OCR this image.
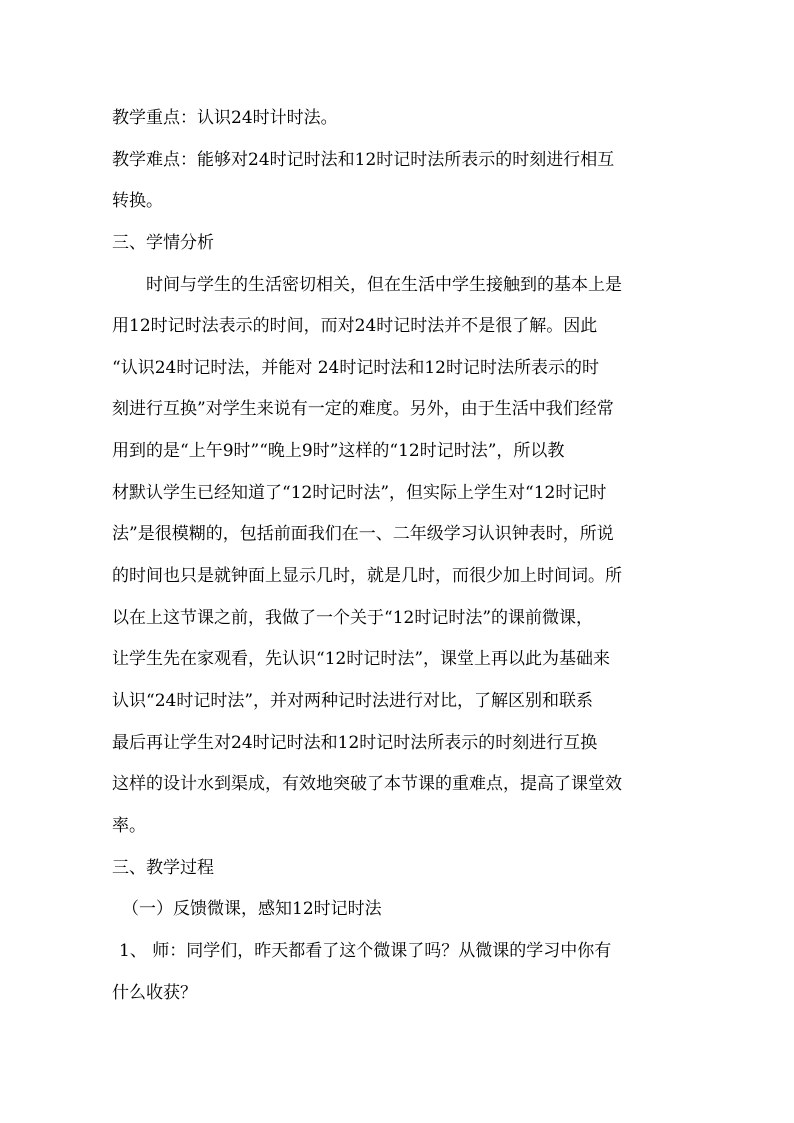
教学重点：认识24时计时法。
教学难点：能够对24时记时法和12时记时法所表示的时刻进行相互
转换。
三、学情分析
时间与学生的生活密切相关，但在生活中学生接触到的基本上是
用12时记时法表示的时间，而对24时记时法并不是很了解。因此
“认识24时记时法，并能对 24时记时法和12时记时法所表示的时
刻进行互换”对学生来说有一定的难度。另外，由于生活中我们经常
用到的是“上午9时”“晚上9时”这样的“12时记时法”，所以教
材默认学生已经知道了“12时记时法”，但实际上学生对“12时记时
法”是很模糊的，包括前面我们在一、二年级学习认识钟表时，所说
的时间也只是就钟面上显示几时，就是几时，而很少加上时间词。所
以在上这节课之前，我做了一个关于“12时记时法”的课前微课，
让学生先在家观看，先认识“12时记时法”，课堂上再以此为基础来
认识“24时记时法”，并对两种记时法进行对比，了解区别和联系
最后再让学生对24时记时法和12时记时法所表示的时刻进行互换
这样的设计水到渠成，有效地突破了本节课的重难点，提高了课堂效
率。
三、教学过程
（一）反馈微课，感知12时记时法
1、 师：同学们，昨天都看了这个微课了吗？从微课的学习中你有
什么收获？
